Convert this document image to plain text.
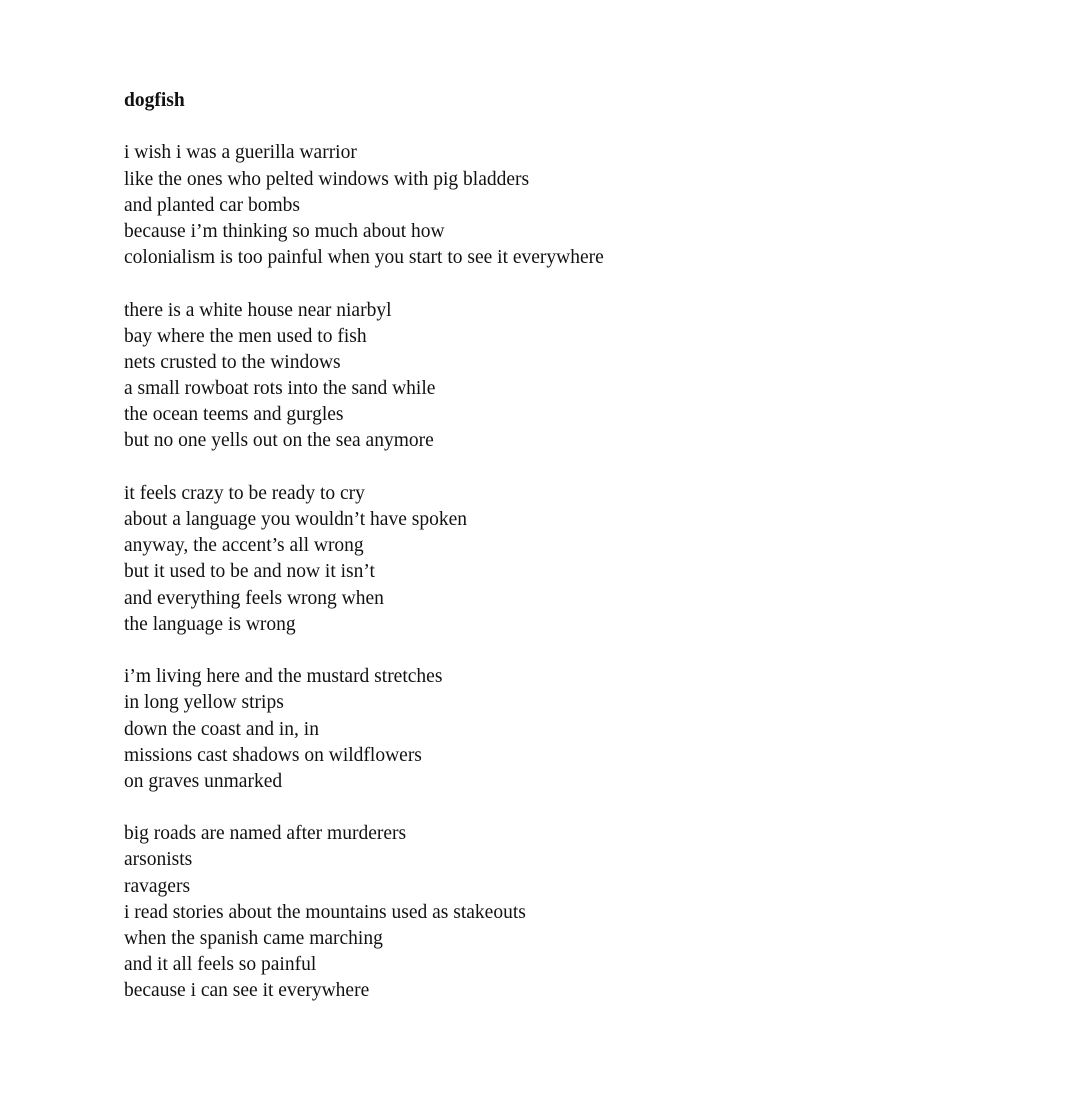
dogfish
i wish i was a guerilla warrior
like the ones who pelted windows with pig bladders
and planted car bombs
because i’m thinking so much about how
colonialism is too painful when you start to see it everywhere
there is a white house near niarbyl
bay where the men used to fish
nets crusted to the windows
a small rowboat rots into the sand while
the ocean teems and gurgles
but no one yells out on the sea anymore
it feels crazy to be ready to cry
about a language you wouldn’t have spoken
anyway, the accent’s all wrong
but it used to be and now it isn’t
and everything feels wrong when
the language is wrong
i’m living here and the mustard stretches
in long yellow strips
down the coast and in, in
missions cast shadows on wildflowers
on graves unmarked
big roads are named after murderers
arsonists
ravagers
i read stories about the mountains used as stakeouts
when the spanish came marching
and it all feels so painful
because i can see it everywhere
